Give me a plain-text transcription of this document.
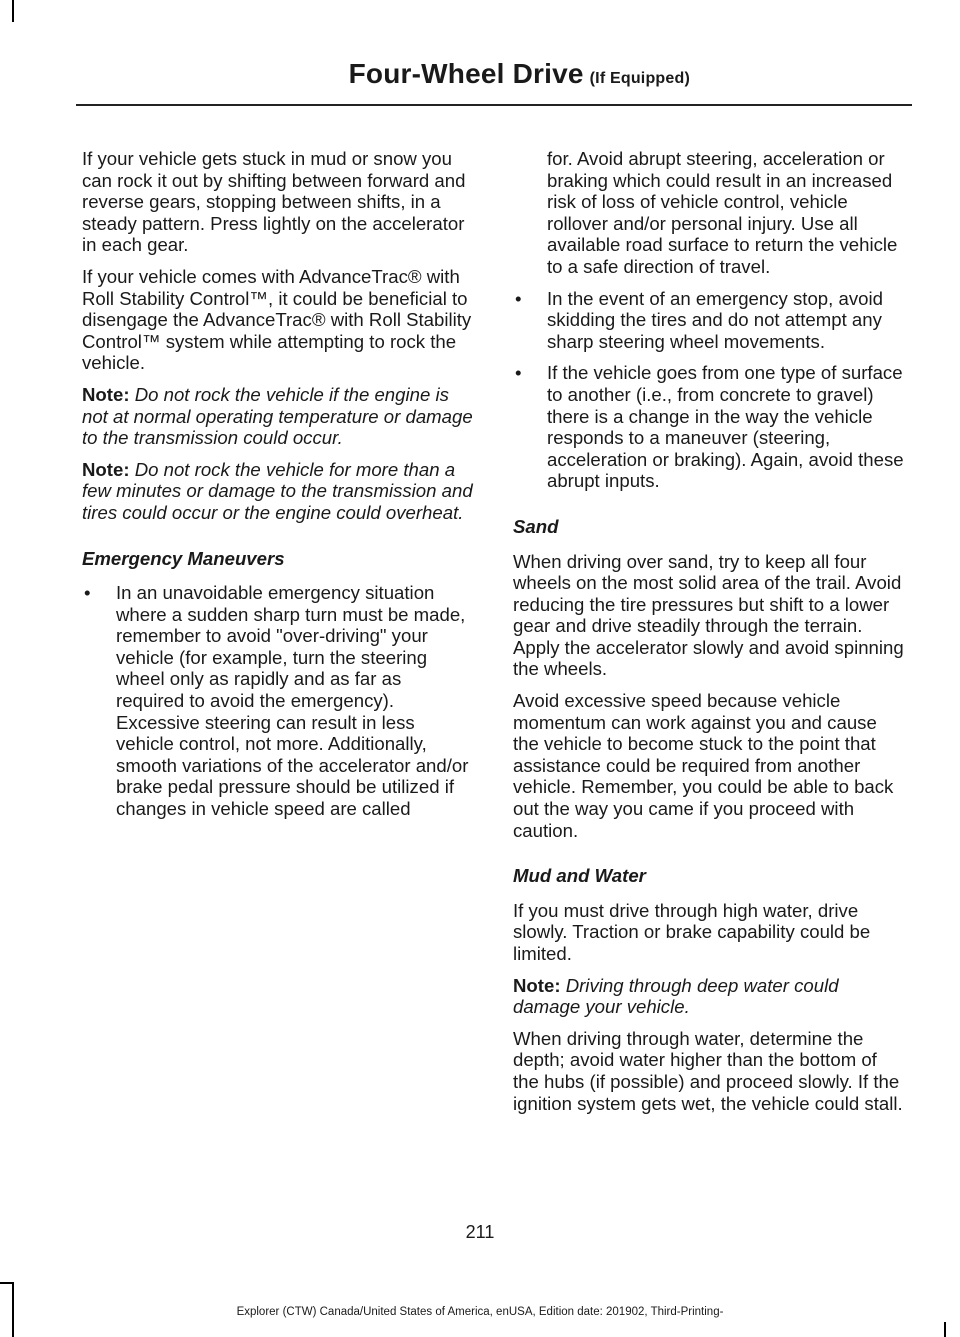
Four-Wheel Drive (If Equipped)

If your vehicle gets stuck in mud or snow you can rock it out by shifting between forward and reverse gears, stopping between shifts, in a steady pattern. Press lightly on the accelerator in each gear.

If your vehicle comes with AdvanceTrac® with Roll Stability Control™, it could be beneficial to disengage the AdvanceTrac® with Roll Stability Control™ system while attempting to rock the vehicle.

Note: Do not rock the vehicle if the engine is not at normal operating temperature or damage to the transmission could occur.

Note: Do not rock the vehicle for more than a few minutes or damage to the transmission and tires could occur or the engine could overheat.

Emergency Maneuvers
• In an unavoidable emergency situation where a sudden sharp turn must be made, remember to avoid "over-driving" your vehicle (for example, turn the steering wheel only as rapidly and as far as required to avoid the emergency). Excessive steering can result in less vehicle control, not more. Additionally, smooth variations of the accelerator and/or brake pedal pressure should be utilized if changes in vehicle speed are called

for. Avoid abrupt steering, acceleration or braking which could result in an increased risk of loss of vehicle control, vehicle rollover and/or personal injury. Use all available road surface to return the vehicle to a safe direction of travel.

• In the event of an emergency stop, avoid skidding the tires and do not attempt any sharp steering wheel movements.
• If the vehicle goes from one type of surface to another (i.e., from concrete to gravel) there is a change in the way the vehicle responds to a maneuver (steering, acceleration or braking). Again, avoid these abrupt inputs.
Sand

When driving over sand, try to keep all four wheels on the most solid area of the trail. Avoid reducing the tire pressures but shift to a lower gear and drive steadily through the terrain. Apply the accelerator slowly and avoid spinning the wheels.

Avoid excessive speed because vehicle momentum can work against you and cause the vehicle to become stuck to the point that assistance could be required from another vehicle. Remember, you could be able to back out the way you came if you proceed with caution.

Mud and Water

If you must drive through high water, drive slowly. Traction or brake capability could be limited.

Note: Driving through deep water could damage your vehicle.

When driving through water, determine the depth; avoid water higher than the bottom of the hubs (if possible) and proceed slowly. If the ignition system gets wet, the vehicle could stall.

211
Explorer (CTW) Canada/United States of America, enUSA, Edition date: 201902, Third-Printing-
